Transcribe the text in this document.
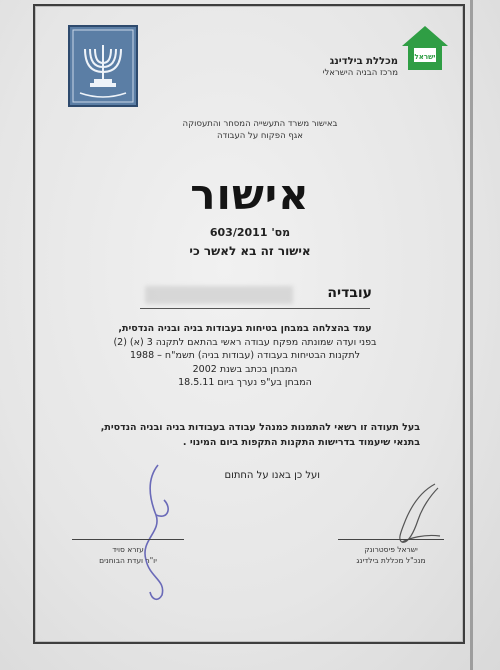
ישראל
מכללת בילדינג
מרכז הבניה הישראלי
באישור משרד התעשייה המסחר והתעסוקה
אגף הפקוח על העבודה
אישור
מס' 603/2011
אישור זה בא לאשר כי
עובדיה
עמד בהצלחה במבחן בטיחות בעבודות בניה ובניה הנדסית,
בפני ועדה שמונתה מפקח עבודה ראשי בהתאם לתקנה 3 (א) (2)
לתקנות הבטיחות בעבודה (עבודות בניה) תשמ"ח – 1988
המבחן בכתב בשנת 2002
המבחן בע"פ נערך ביום 18.5.11
בעל תעודה זו רשאי להתמנות כמנהל עבודה בעבודות בניה ובניה הנדסית,
בתנאי שיעמוד בדרישות התקנות התקפות ביום המינוי .
ועל כן באנו על החתום
עזרא סויד
יו"ר ועדת הבוחנים
ישראל פיסטרונק
מנכ"ל מכללת בילדינג
